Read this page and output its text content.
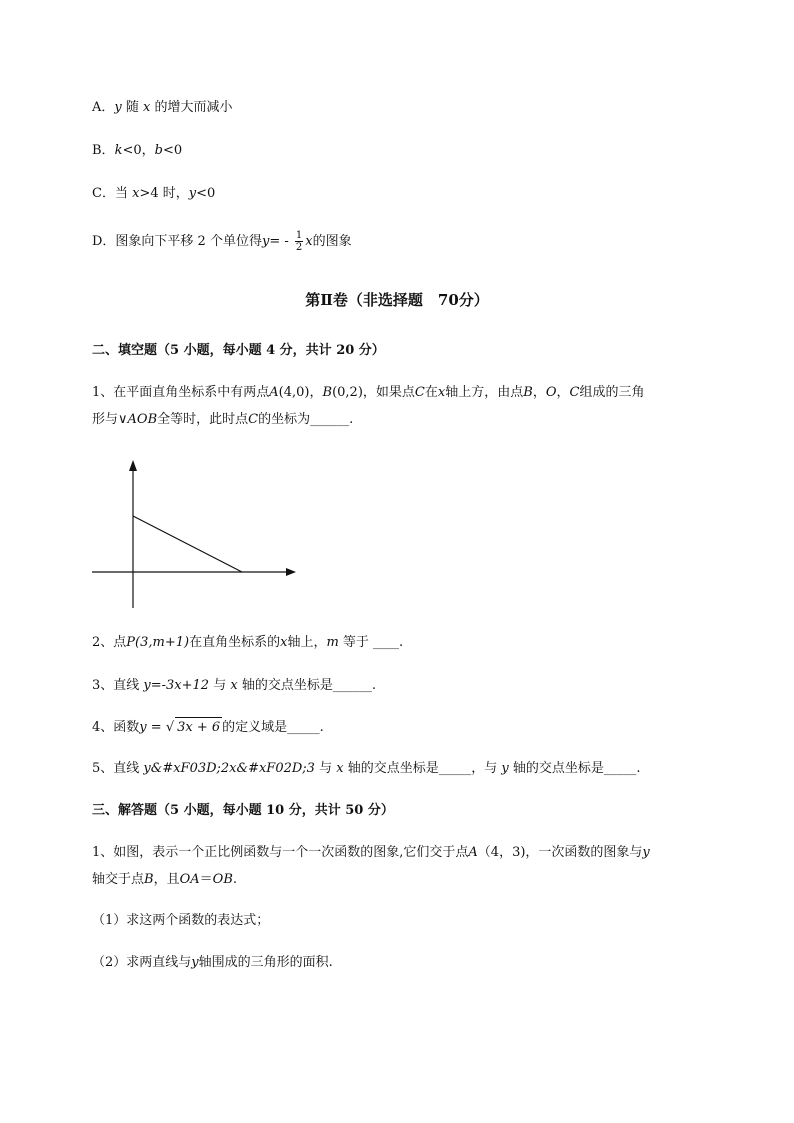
A．y 随 x 的增大而减小
B．k<0，b<0
C．当 x>4 时，y<0
D．图象向下平移 2 个单位得$y= - \frac{1}{2}$ x的图象
第Ⅱ卷（非选择题　70分）
二、填空题（5 小题，每小题 4 分，共计 20 分）
1、在平面直角坐标系中有两点A(4,0)，B(0,2)，如果点C在x轴上方，由点B，O，C组成的三角
形与∨AOB全等时，此时点C的坐标为______.
2、点P(3,m+1)在直角坐标系的x轴上，m 等于 ____.
3、直线 y=-3x+12 与 x 轴的交点坐标是______.
4、函数y = √ 3x + 6 的定义域是_____.
5、直线 y&#xF03D;2x&#xF02D;3 与 x 轴的交点坐标是_____，与 y 轴的交点坐标是_____.
三、解答题（5 小题，每小题 10 分，共计 50 分）
1、如图，表示一个正比例函数与一个一次函数的图象,它们交于点A（4，3)，一次函数的图象与y
轴交于点B，且OA＝OB.
（1）求这两个函数的表达式；
（2）求两直线与y轴围成的三角形的面积.
